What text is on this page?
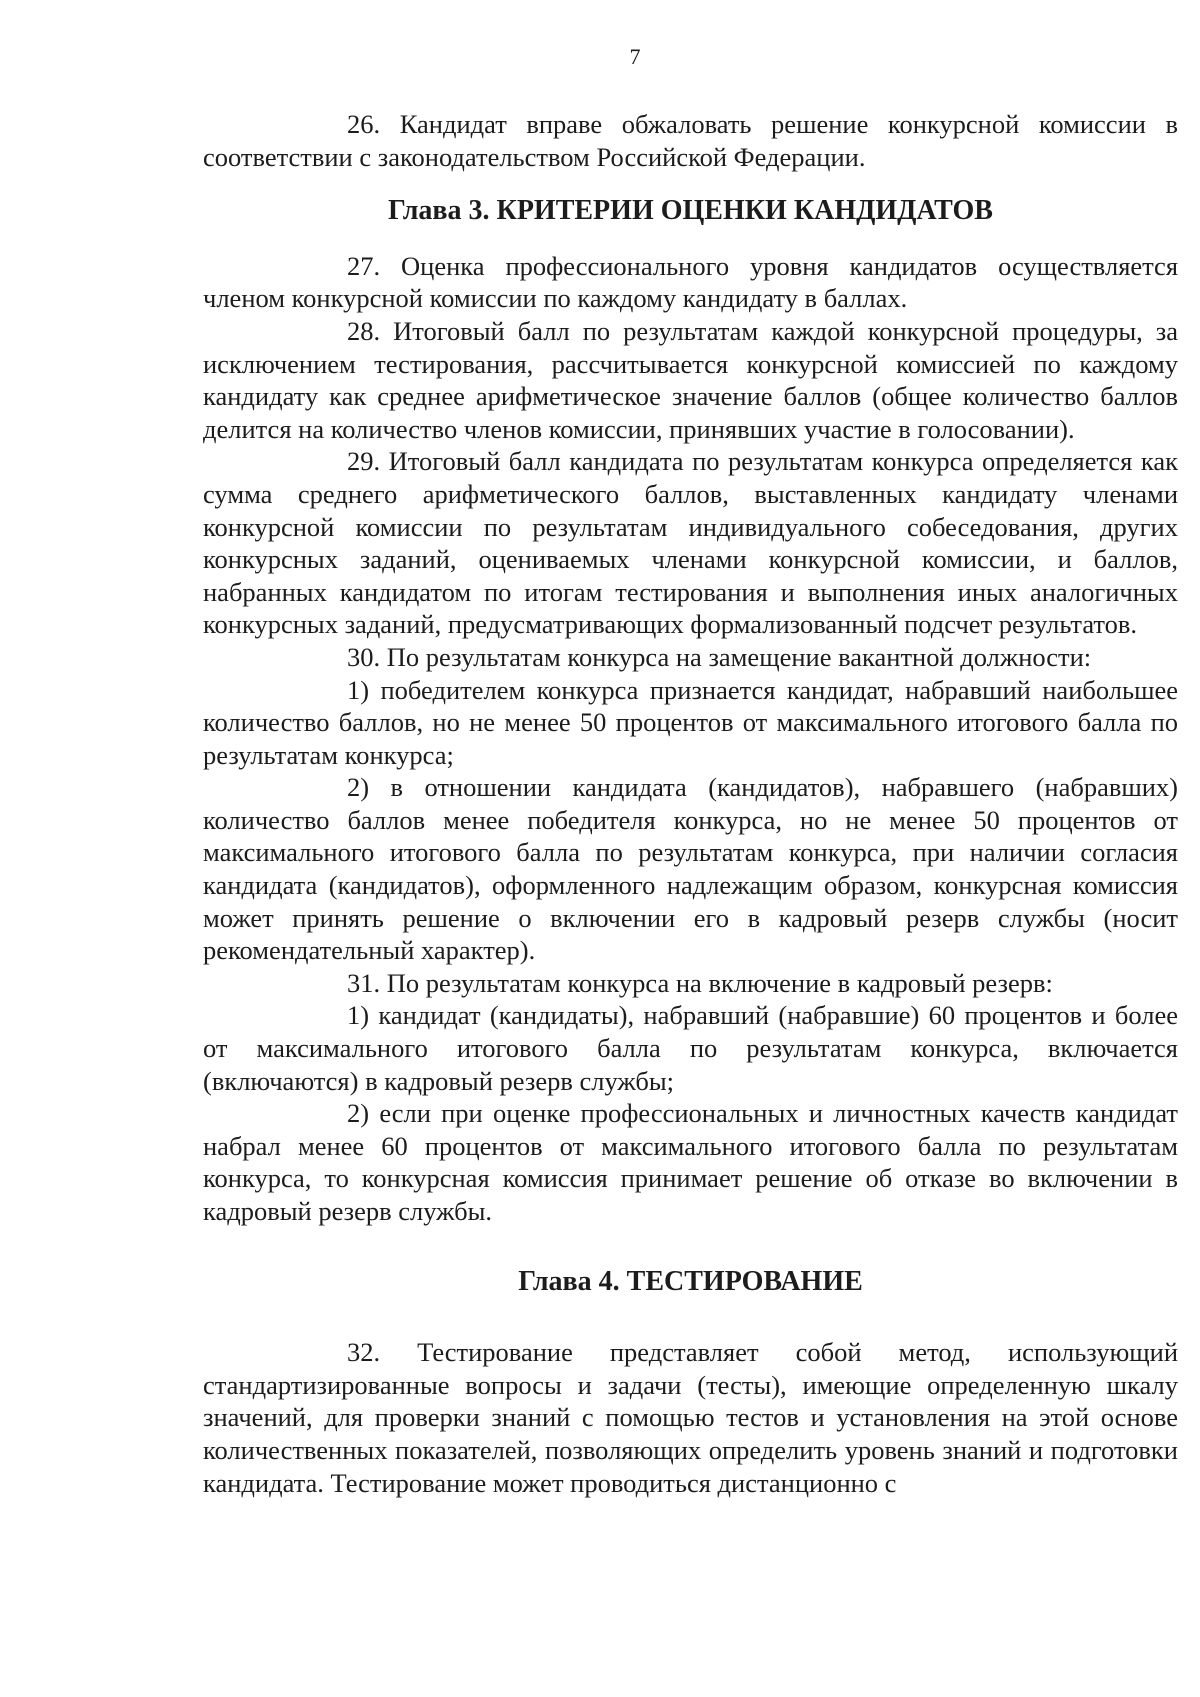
7

26. Кандидат вправе обжаловать решение конкурсной комиссии в соответствии с законодательством Российской Федерации.

Глава 3. КРИТЕРИИ ОЦЕНКИ КАНДИДАТОВ

27. Оценка профессионального уровня кандидатов осуществляется членом конкурсной комиссии по каждому кандидату в баллах.

28. Итоговый балл по результатам каждой конкурсной процедуры, за исключением тестирования, рассчитывается конкурсной комиссией по каждому кандидату как среднее арифметическое значение баллов (общее количество баллов делится на количество членов комиссии, принявших участие в голосовании).

29. Итоговый балл кандидата по результатам конкурса определяется как сумма среднего арифметического баллов, выставленных кандидату членами конкурсной комиссии по результатам индивидуального собеседования, других конкурсных заданий, оцениваемых членами конкурсной комиссии, и баллов, набранных кандидатом по итогам тестирования и выполнения иных аналогичных конкурсных заданий, предусматривающих формализованный подсчет результатов.

30. По результатам конкурса на замещение вакантной должности:

1) победителем конкурса признается кандидат, набравший наибольшее количество баллов, но не менее 50 процентов от максимального итогового балла по результатам конкурса;

2) в отношении кандидата (кандидатов), набравшего (набравших) количество баллов менее победителя конкурса, но не менее 50 процентов от максимального итогового балла по результатам конкурса, при наличии согласия кандидата (кандидатов), оформленного надлежащим образом, конкурсная комиссия может принять решение о включении его в кадровый резерв службы (носит рекомендательный характер).

31. По результатам конкурса на включение в кадровый резерв:

1) кандидат (кандидаты), набравший (набравшие) 60 процентов и более от максимального итогового балла по результатам конкурса, включается (включаются) в кадровый резерв службы;

2) если при оценке профессиональных и личностных качеств кандидат набрал менее 60 процентов от максимального итогового балла по результатам конкурса, то конкурсная комиссия принимает решение об отказе во включении в кадровый резерв службы.

Глава 4. ТЕСТИРОВАНИЕ

32. Тестирование представляет собой метод, использующий стандартизированные вопросы и задачи (тесты), имеющие определенную шкалу значений, для проверки знаний с помощью тестов и установления на этой основе количественных показателей, позволяющих определить уровень знаний и подготовки кандидата. Тестирование может проводиться дистанционно с
